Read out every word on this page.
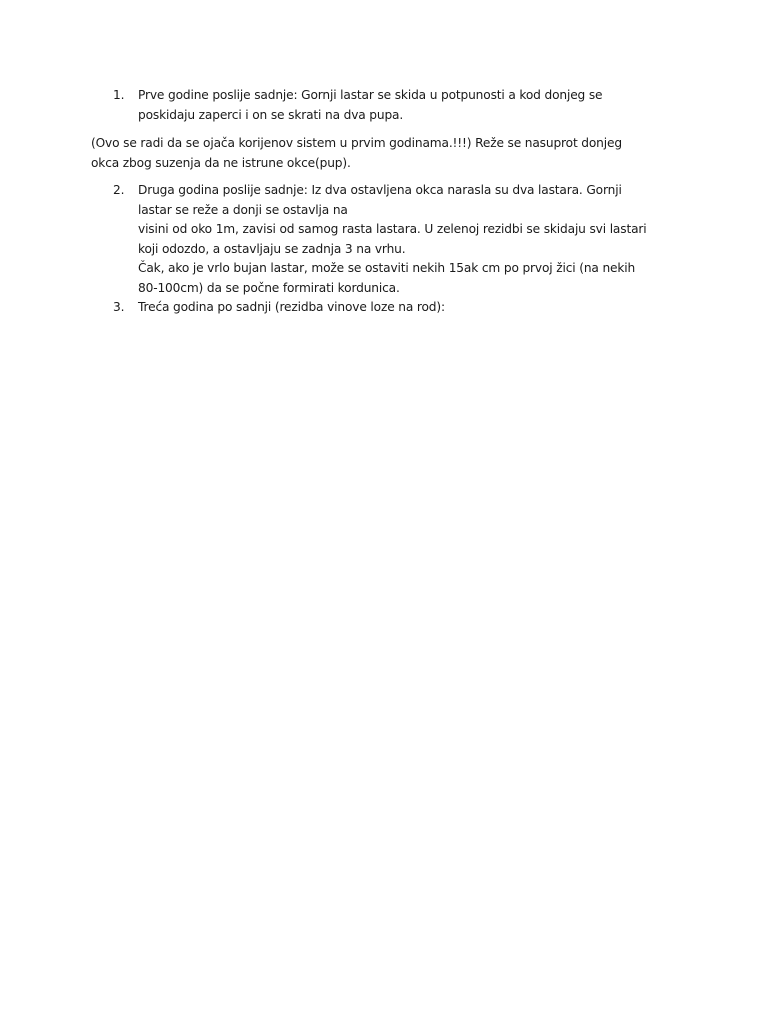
1.	Prve godine poslije sadnje: Gornji lastar se skida u potpunosti a kod donjeg se
poskidaju zaperci i on se skrati na dva pupa.
(Ovo se radi da se ojača korijenov sistem u prvim godinama.!!!) Reže se nasuprot donjeg
okca zbog suzenja da ne istrune okce(pup).
2.	Druga godina poslije sadnje: Iz dva ostavljena okca narasla su dva lastara. Gornji
lastar se reže a donji se ostavlja na
visini od oko 1m, zavisi od samog rasta lastara. U zelenoj rezidbi se skidaju svi lastari
koji odozdo, a ostavljaju se zadnja 3 na vrhu.
Čak, ako je vrlo bujan lastar, može se ostaviti nekih 15ak cm po prvoj žici (na nekih
80-100cm) da se počne formirati kordunica.
3.	Treća godina po sadnji (rezidba vinove loze na rod):
